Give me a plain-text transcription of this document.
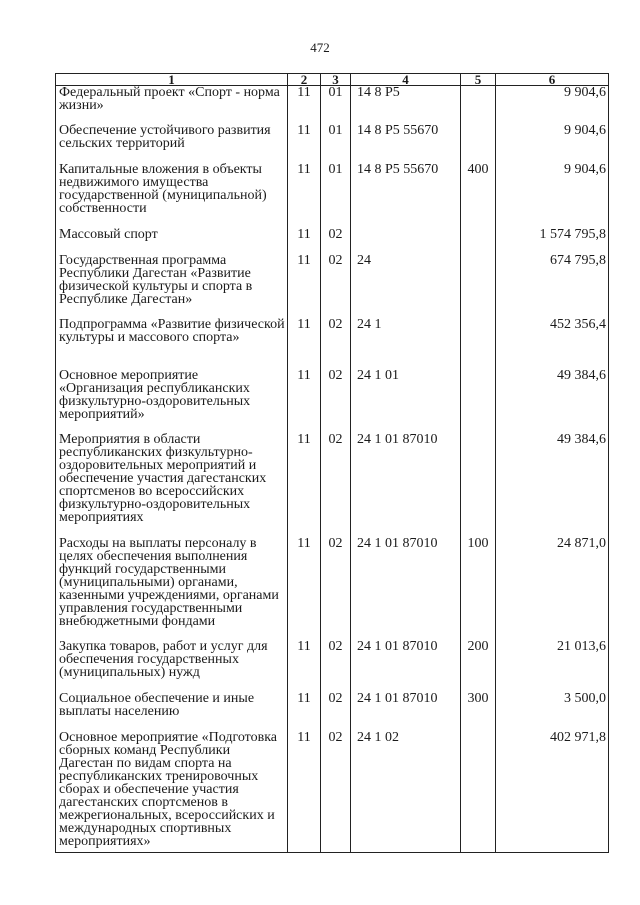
472
1	2	3	4	5	6
Федеральный проект «Спорт - норма жизни»	11	01	14 8 P5		9 904,6
Обеспечение устойчивого развития сельских территорий	11	01	14 8 P5 55670		9 904,6
Капитальные вложения в объекты недвижимого имущества государственной (муниципальной) собственности	11	01	14 8 P5 55670	400	9 904,6
Массовый спорт	11	02			1 574 795,8
Государственная программа Республики Дагестан «Развитие физической культуры и спорта в Республике Дагестан»	11	02	24		674 795,8
Подпрограмма «Развитие физической культуры и массового спорта»	11	02	24 1		452 356,4
Основное мероприятие «Организация республиканских физкультурно-оздоровительных мероприятий»	11	02	24 1 01		49 384,6
Мероприятия в области республиканских физкультурно-оздоровительных мероприятий и обеспечение участия дагестанских спортсменов во всероссийских физкультурно-оздоровительных мероприятиях	11	02	24 1 01 87010		49 384,6
Расходы на выплаты персоналу в целях обеспечения выполнения функций государственными (муниципальными) органами, казенными учреждениями, органами управления государственными внебюджетными фондами	11	02	24 1 01 87010	100	24 871,0
Закупка товаров, работ и услуг для обеспечения государственных (муниципальных) нужд	11	02	24 1 01 87010	200	21 013,6
Социальное обеспечение и иные выплаты населению	11	02	24 1 01 87010	300	3 500,0
Основное мероприятие «Подготовка сборных команд Республики Дагестан по видам спорта на республиканских тренировочных сборах и обеспечение участия дагестанских спортсменов в межрегиональных, всероссийских и международных спортивных мероприятиях»	11	02	24 1 02		402 971,8
